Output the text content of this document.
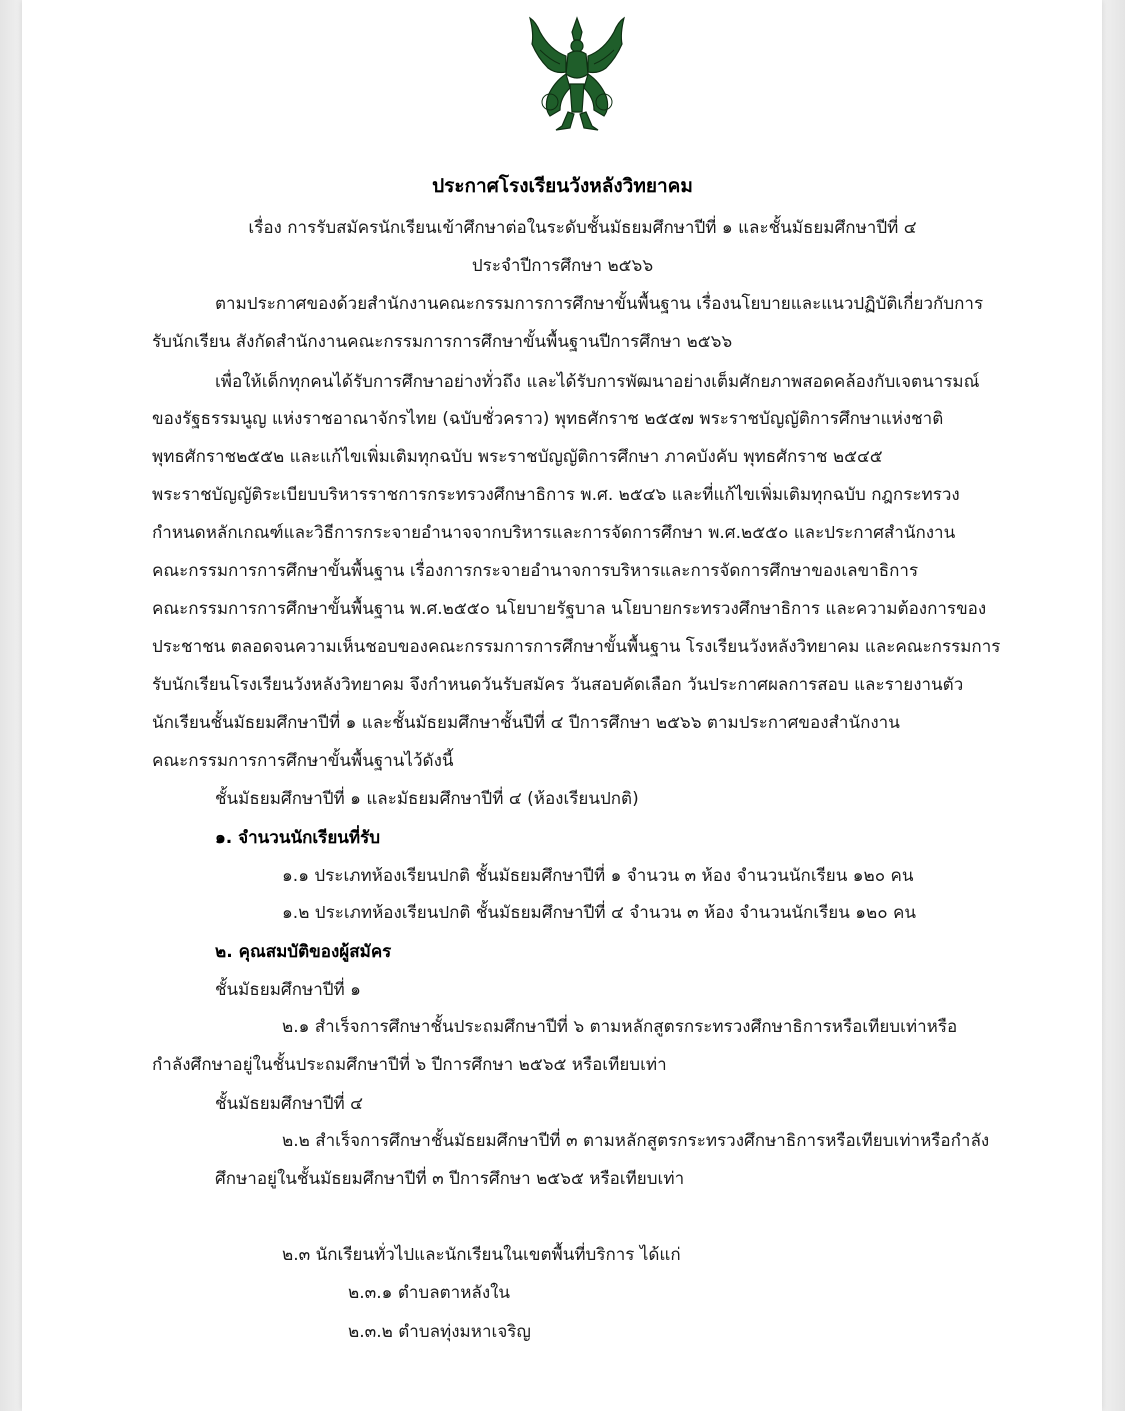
ประกาศโรงเรียนวังหลังวิทยาคม
เรื่อง การรับสมัครนักเรียนเข้าศึกษาต่อในระดับชั้นมัธยมศึกษาปีที่ ๑ และชั้นมัธยมศึกษาปีที่ ๔
ประจำปีการศึกษา ๒๕๖๖
ตามประกาศของด้วยสำนักงานคณะกรรมการการศึกษาขั้นพื้นฐาน เรื่องนโยบายและแนวปฏิบัติเกี่ยวกับการ
รับนักเรียน สังกัดสำนักงานคณะกรรมการการศึกษาขั้นพื้นฐานปีการศึกษา ๒๕๖๖
เพื่อให้เด็กทุกคนได้รับการศึกษาอย่างทั่วถึง และได้รับการพัฒนาอย่างเต็มศักยภาพสอดคล้องกับเจตนารมณ์
ของรัฐธรรมนูญ แห่งราชอาณาจักรไทย (ฉบับชั่วคราว) พุทธศักราช ๒๕๕๗ พระราชบัญญัติการศึกษาแห่งชาติ
พุทธศักราช๒๕๕๒ และแก้ไขเพิ่มเติมทุกฉบับ พระราชบัญญัติการศึกษา ภาคบังคับ พุทธศักราช ๒๕๔๕
พระราชบัญญัติระเบียบบริหารราชการกระทรวงศึกษาธิการ พ.ศ. ๒๕๔๖ และที่แก้ไขเพิ่มเติมทุกฉบับ กฎกระทรวง
กำหนดหลักเกณฑ์และวิธีการกระจายอำนาจจากบริหารและการจัดการศึกษา พ.ศ.๒๕๕๐ และประกาศสำนักงาน
คณะกรรมการการศึกษาขั้นพื้นฐาน เรื่องการกระจายอำนาจการบริหารและการจัดการศึกษาของเลขาธิการ
คณะกรรมการการศึกษาขั้นพื้นฐาน พ.ศ.๒๕๕๐ นโยบายรัฐบาล นโยบายกระทรวงศึกษาธิการ และความต้องการของ
ประชาชน ตลอดจนความเห็นชอบของคณะกรรมการการศึกษาขั้นพื้นฐาน โรงเรียนวังหลังวิทยาคม และคณะกรรมการ
รับนักเรียนโรงเรียนวังหลังวิทยาคม จึงกำหนดวันรับสมัคร วันสอบคัดเลือก วันประกาศผลการสอบ และรายงานตัว
นักเรียนชั้นมัธยมศึกษาปีที่ ๑ และชั้นมัธยมศึกษาชั้นปีที่ ๔ ปีการศึกษา ๒๕๖๖ ตามประกาศของสำนักงาน
คณะกรรมการการศึกษาขั้นพื้นฐานไว้ดังนี้
ชั้นมัธยมศึกษาปีที่ ๑ และมัธยมศึกษาปีที่ ๔ (ห้องเรียนปกติ)
๑. จำนวนนักเรียนที่รับ
๑.๑ ประเภทห้องเรียนปกติ ชั้นมัธยมศึกษาปีที่ ๑ จำนวน ๓ ห้อง จำนวนนักเรียน ๑๒๐ คน
๑.๒ ประเภทห้องเรียนปกติ ชั้นมัธยมศึกษาปีที่ ๔ จำนวน ๓ ห้อง จำนวนนักเรียน ๑๒๐ คน
๒. คุณสมบัติของผู้สมัคร
ชั้นมัธยมศึกษาปีที่ ๑
๒.๑ สำเร็จการศึกษาชั้นประถมศึกษาปีที่ ๖ ตามหลักสูตรกระทรวงศึกษาธิการหรือเทียบเท่าหรือ
กำลังศึกษาอยู่ในชั้นประถมศึกษาปีที่ ๖ ปีการศึกษา ๒๕๖๕ หรือเทียบเท่า
ชั้นมัธยมศึกษาปีที่ ๔
๒.๒ สำเร็จการศึกษาชั้นมัธยมศึกษาปีที่ ๓ ตามหลักสูตรกระทรวงศึกษาธิการหรือเทียบเท่าหรือกำลัง
ศึกษาอยู่ในชั้นมัธยมศึกษาปีที่ ๓ ปีการศึกษา ๒๕๖๕ หรือเทียบเท่า
๒.๓ นักเรียนทั่วไปและนักเรียนในเขตพื้นที่บริการ ได้แก่
๒.๓.๑ ตำบลตาหลังใน
๒.๓.๒ ตำบลทุ่งมหาเจริญ
